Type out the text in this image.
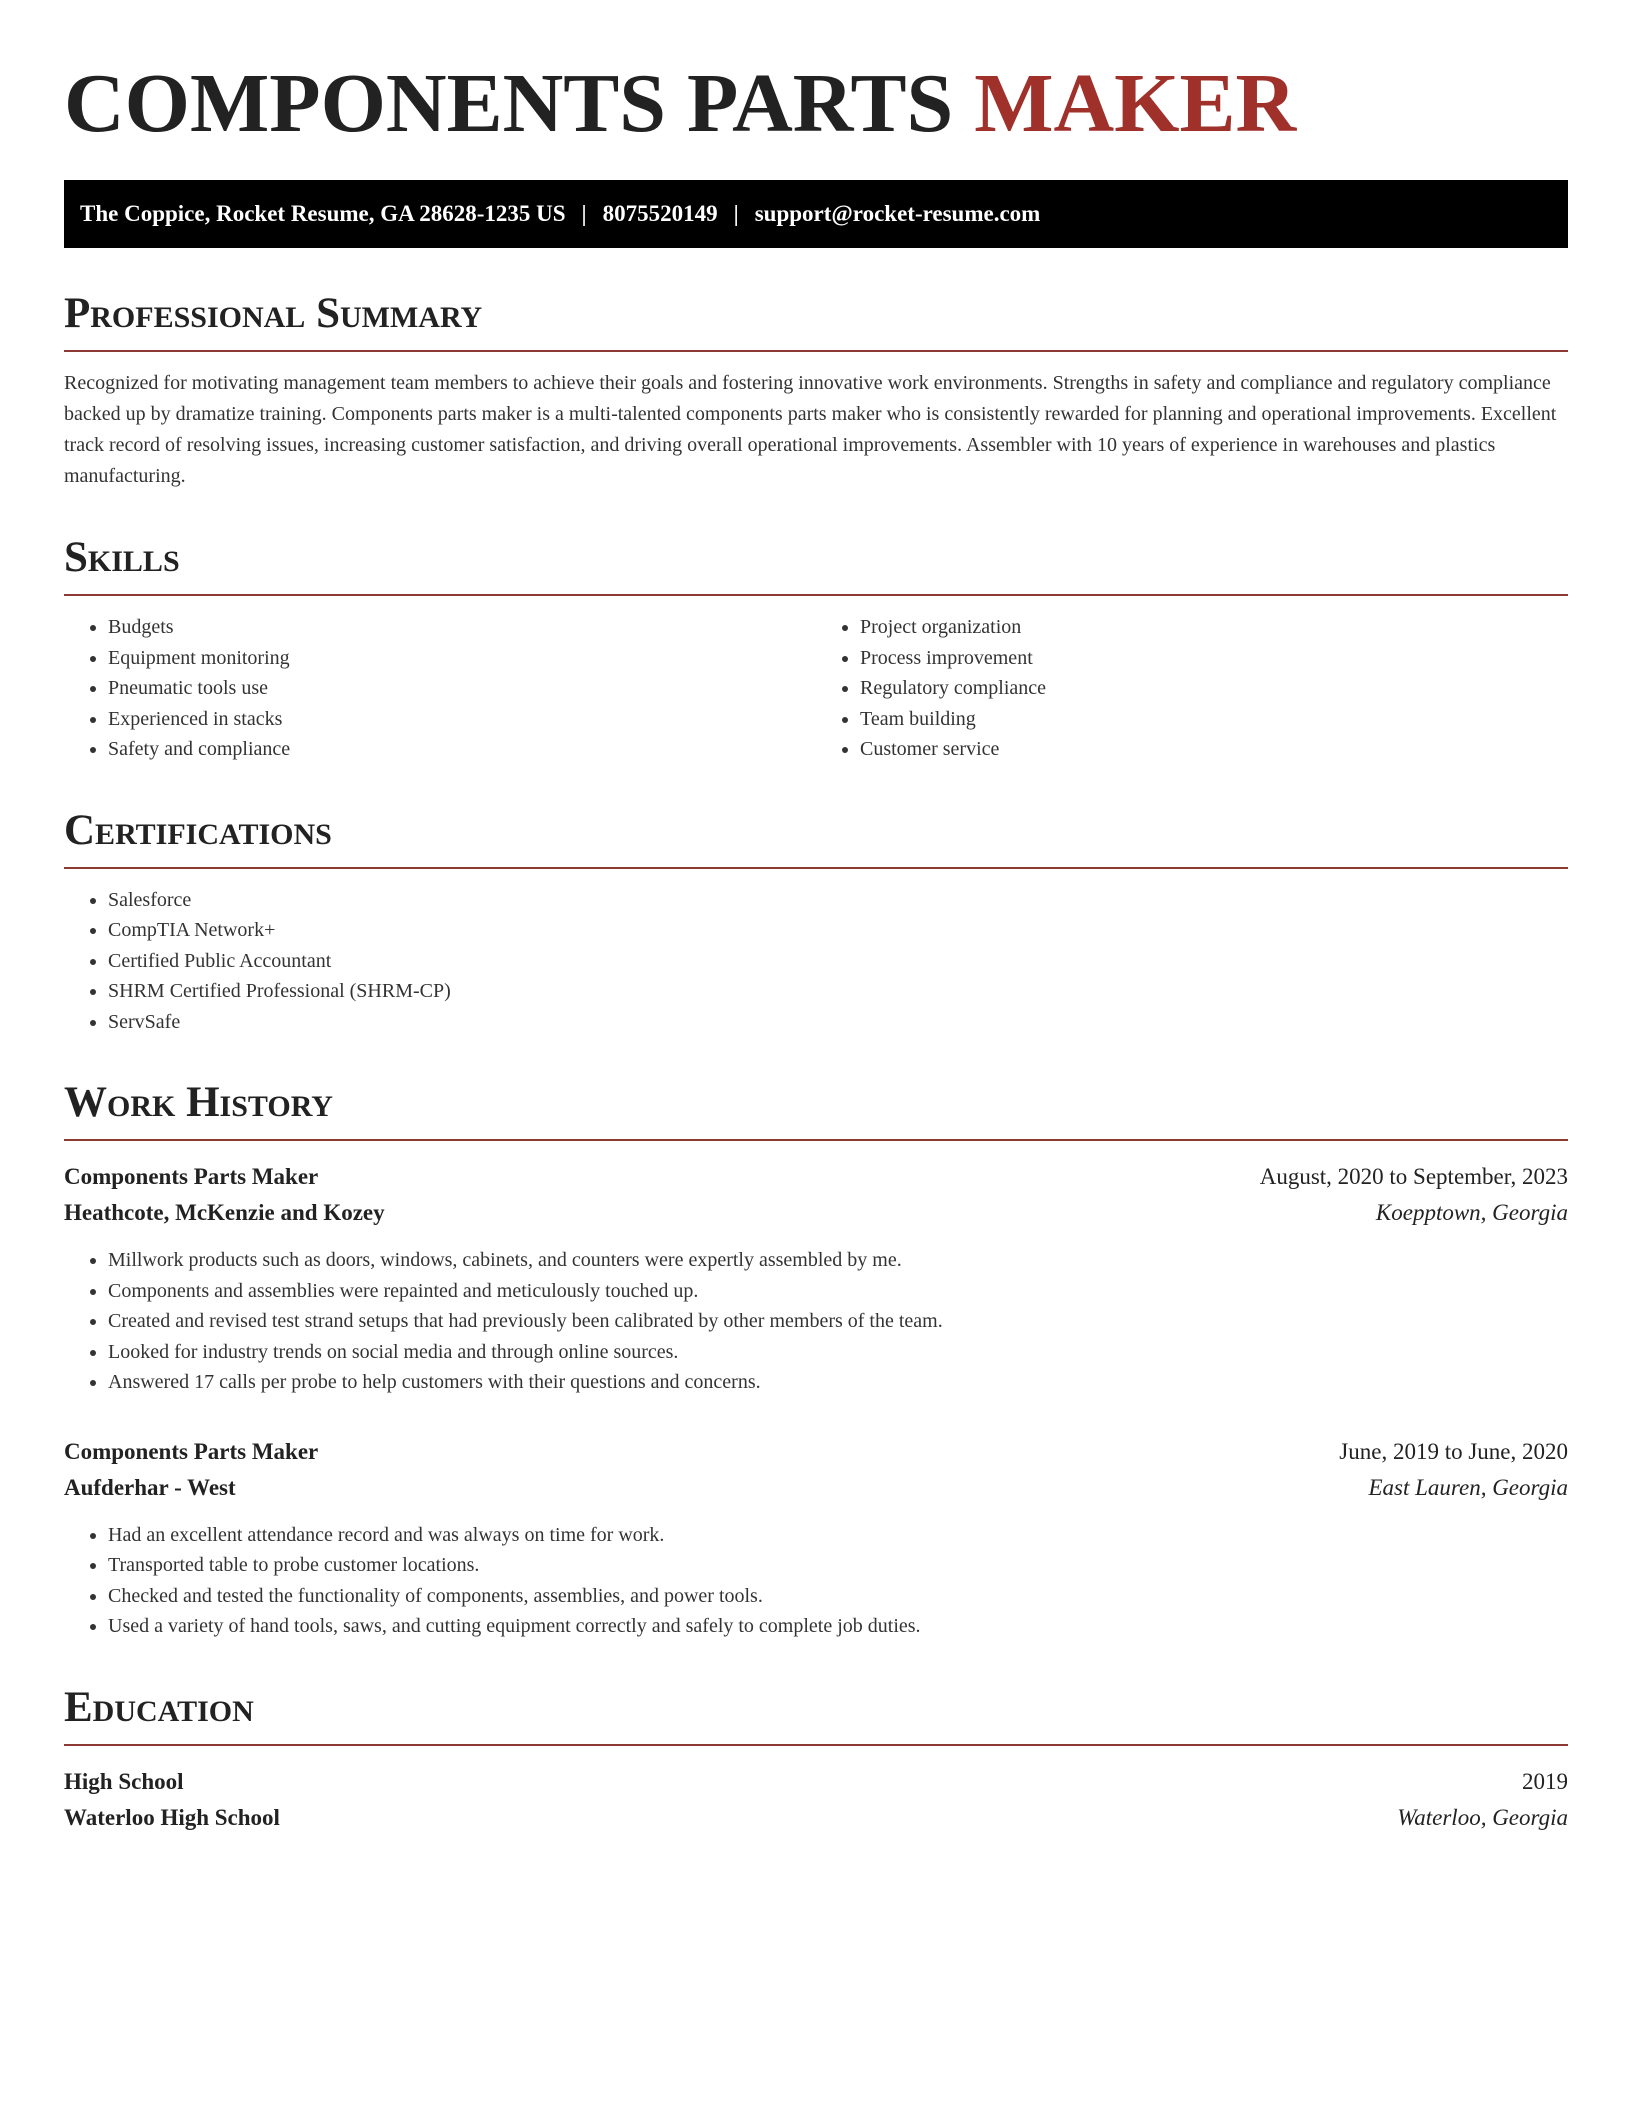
COMPONENTS PARTS MAKER
The Coppice, Rocket Resume, GA 28628-1235 US | 8075520149 | support@rocket-resume.com
Professional Summary

Recognized for motivating management team members to achieve their goals and fostering innovative work environments. Strengths in safety and compliance and regulatory compliance backed up by dramatize training. Components parts maker is a multi-talented components parts maker who is consistently rewarded for planning and operational improvements. Excellent track record of resolving issues, increasing customer satisfaction, and driving overall operational improvements. Assembler with 10 years of experience in warehouses and plastics manufacturing.

Skills
• Budgets
• Equipment monitoring
• Pneumatic tools use
• Experienced in stacks
• Safety and compliance
• Project organization
• Process improvement
• Regulatory compliance
• Team building
• Customer service
Certifications
• Salesforce
• CompTIA Network+
• Certified Public Accountant
• SHRM Certified Professional (SHRM-CP)
• ServSafe
Work History
Components Parts Maker	August, 2020 to September, 2023
Heathcote, McKenzie and Kozey	Koepptown, Georgia
• Millwork products such as doors, windows, cabinets, and counters were expertly assembled by me.
• Components and assemblies were repainted and meticulously touched up.
• Created and revised test strand setups that had previously been calibrated by other members of the team.
• Looked for industry trends on social media and through online sources.
• Answered 17 calls per probe to help customers with their questions and concerns.
Components Parts Maker	June, 2019 to June, 2020
Aufderhar - West	East Lauren, Georgia
• Had an excellent attendance record and was always on time for work.
• Transported table to probe customer locations.
• Checked and tested the functionality of components, assemblies, and power tools.
• Used a variety of hand tools, saws, and cutting equipment correctly and safely to complete job duties.
Education
High School	2019
Waterloo High School	Waterloo, Georgia
